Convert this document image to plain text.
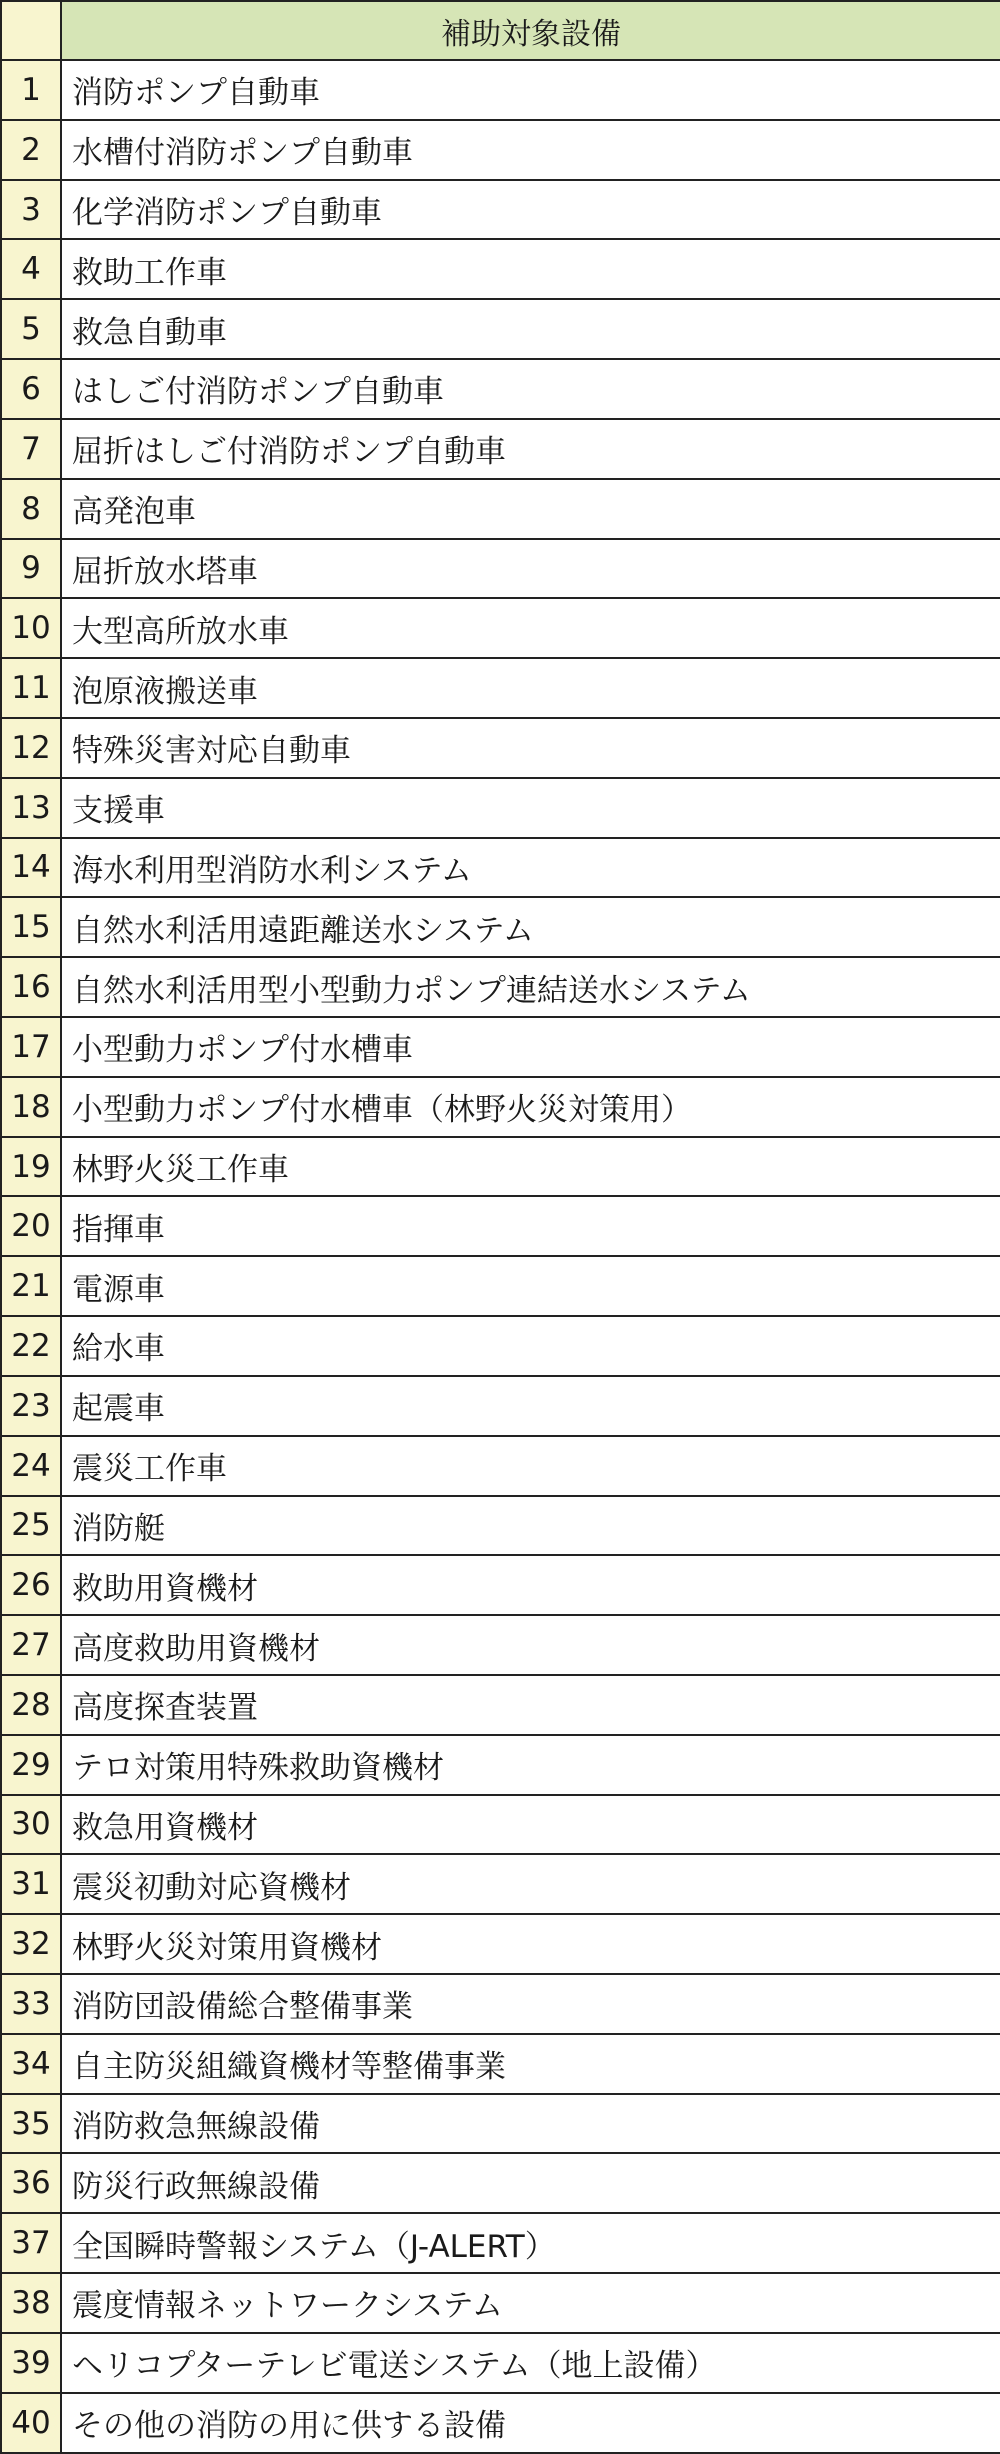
	補助対象設備
1	消防ポンプ自動車
2	水槽付消防ポンプ自動車
3	化学消防ポンプ自動車
4	救助工作車
5	救急自動車
6	はしご付消防ポンプ自動車
7	屈折はしご付消防ポンプ自動車
8	高発泡車
9	屈折放水塔車
10	大型高所放水車
11	泡原液搬送車
12	特殊災害対応自動車
13	支援車
14	海水利用型消防水利システム
15	自然水利活用遠距離送水システム
16	自然水利活用型小型動力ポンプ連結送水システム
17	小型動力ポンプ付水槽車
18	小型動力ポンプ付水槽車（林野火災対策用）
19	林野火災工作車
20	指揮車
21	電源車
22	給水車
23	起震車
24	震災工作車
25	消防艇
26	救助用資機材
27	高度救助用資機材
28	高度探査装置
29	テロ対策用特殊救助資機材
30	救急用資機材
31	震災初動対応資機材
32	林野火災対策用資機材
33	消防団設備総合整備事業
34	自主防災組織資機材等整備事業
35	消防救急無線設備
36	防災行政無線設備
37	全国瞬時警報システム（J-ALERT）
38	震度情報ネットワークシステム
39	ヘリコプターテレビ電送システム（地上設備）
40	その他の消防の用に供する設備
